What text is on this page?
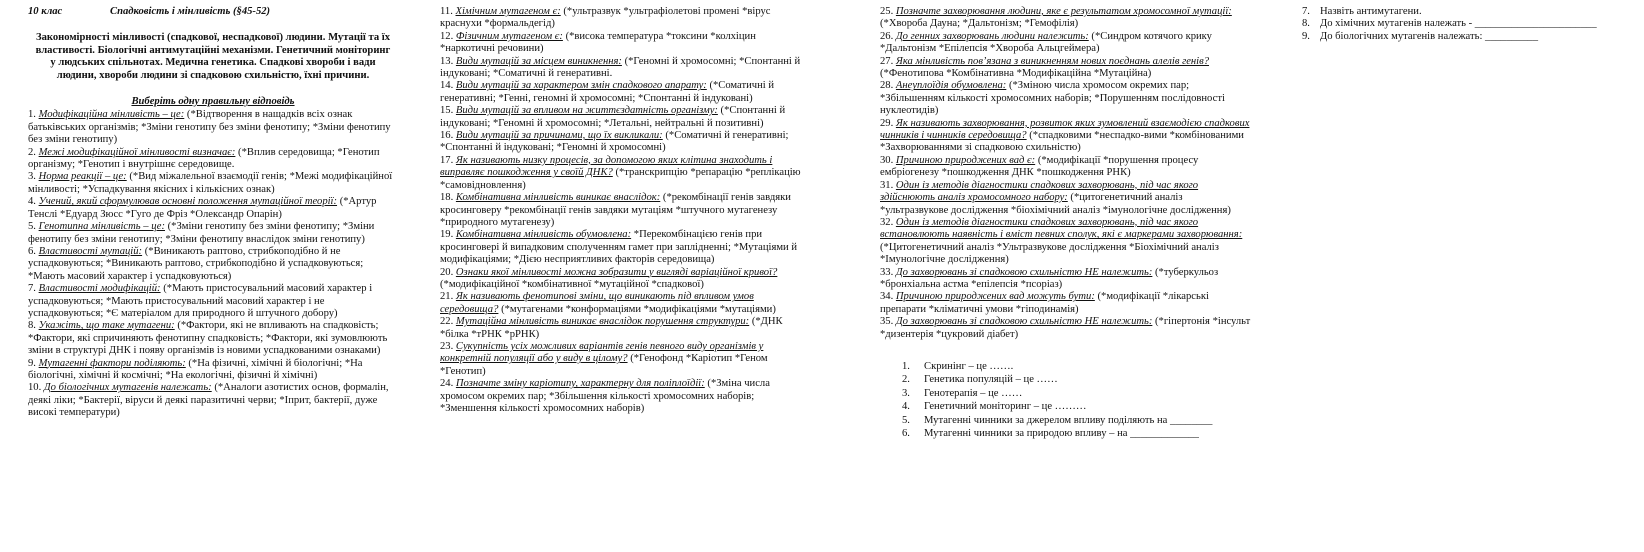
10 клас	Спадковість і мінливість (§45-52)
Закономірності мінливості (спадкової, неспадкової) людини. Мутації та їх властивості. Біологічні антимутаційні механізми. Генетичний моніторинг у людських спільнотах. Медична генетика. Спадкові хвороби і вади людини, хвороби людини зі спадковою схильністю, їхні причини.
Виберіть одну правильну відповідь
1. Модифікаційна мінливість – це: (*Відтворення в нащадків всіх ознак батьківських організмів; *Зміни генотипу без зміни фенотипу; *Зміни фенотипу без зміни генотипу)
2. Межі модифікаційної мінливості визначає: (*Вплив середовища; *Генотип організму; *Генотип і внутрішнє середовище.
3. Норма реакції – це: (*Вид міжалельної взаємодії генів; *Межі модифікаційної мінливості; *Успадкування якісних і кількісних ознак)
4. Учений, який сформулював основні положення мутаційної теорії: (*Артур Тенслі *Едуард Зюсс *Гуго де Фріз *Олександр Опарін)
5. Генотипна мінливість – це: (*Зміни генотипу без зміни фенотипу; *Зміни фенотипу без зміни генотипу; *Зміни фенотипу внаслідок зміни генотипу)
6. Властивості мутацій: (*Виникають раптово, стрибкоподібно й не успадковуються; *Виникають раптово, стрибкоподібно й успадковуються; *Мають масовий характер і успадковуються)
7. Властивості модифікацій: (*Мають пристосувальний масовий характер і успадковуються; *Мають пристосувальний масовий характер і не успадковуються; *Є матеріалом для природного й штучного добору)
8. Укажіть, що таке мутагени: (*Фактори, які не впливають на спадковість; *Фактори, які спричиняють фенотипну спадковість; *Фактори, які зумовлюють зміни в структурі ДНК і появу організмів із новими успадкованими ознаками)
9. Мутагенні фактори поділяють: (*На фізичні, хімічні й біологічні; *На біологічні, хімічні й космічні; *На екологічні, фізичні й хімічні)
10. До біологічних мутагенів належать: (*Аналоги азотистих основ, формалін, деякі ліки; *Бактерії, віруси й деякі паразитичні черви; *Іприт, бактерії, дуже високі температури)
11. Хімічним мутагеном є: (*ультразвук *ультрафіолетові промені *вірус краснухи *формальдегід)
12. Фізичним мутагеном є: (*висока температура *токсини *колхіцин *наркотичні речовини)
13. Види мутацій за місцем виникнення: (*Геномні й хромосомні; *Спонтанні й індуковані; *Соматичні й генеративні.
14. Види мутацій за характером змін спадкового апарату: (*Соматичні й генеративні; *Генні, геномні й хромосомні; *Спонтанні й індуковані)
15. Види мутацій за впливом на життєздатність організму: (*Спонтанні й індуковані; *Геномні й хромосомні; *Летальні, нейтральні й позитивні)
16. Види мутацій за причинами, що їх викликали: (*Соматичні й генеративні; *Спонтанні й індуковані; *Геномні й хромосомні)
17. Як називають низку процесів, за допомогою яких клітина знаходить і виправляє пошкодження у своїй ДНК? (*транскрипцію *репарацію *реплікацію *самовідновлення)
18. Комбінативна мінливість виникає внаслідок: (*рекомбінації генів завдяки кросинговеру *рекомбінації генів завдяки мутаціям *штучного мутагенезу *природного мутагенезу)
19. Комбінативна мінливість обумовлена: *Перекомбінацією генів при кросинговері й випадковим сполученням гамет при заплідненні; *Мутаціями й модифікаціями; *Дією несприятливих факторів середовища)
20. Ознаки якої мінливості можна зобразити у вигляді варіаційної кривої? (*модифікаційної *комбінативної *мутаційної *спадкової)
21. Як називають фенотипові зміни, що виникають під впливом умов середовища? (*мутагенами *конформаціями *модифікаціями *мутаціями)
22. Мутаційна мінливість виникає внаслідок порушення структури: (*ДНК *білка *тРНК *рРНК)
23. Сукупність усіх можливих варіантів генів певного виду організмів у конкретній популяції або у виду в цілому? (*Генофонд *Каріотип *Геном *Генотип)
24. Позначте зміну каріотипу, характерну для поліплоїдії: (*Зміна числа хромосом окремих пар; *Збільшення кількості хромосомних наборів; *Зменшення кількості хромосомних наборів)
25. Позначте захворювання людини, яке є результатом хромосомної мутації: (*Хвороба Дауна; *Дальтонізм; *Гемофілія)
26. До генних захворювань людини належить: (*Синдром котячого крику *Дальтонізм *Епілепсія *Хвороба Альцгеймера)
27. Яка мінливість пов’язана з виникненням нових поєднань алелів генів? (*Фенотипова *Комбінативна *Модифікаційна *Мутаційна)
28. Анеуплоїдія обумовлена: (*Зміною числа хромосом окремих пар; *Збільшенням кількості хромосомних наборів; *Порушенням послідовності нуклеотидів)
29. Як називають захворювання, розвиток яких зумовлений взаємодією спадкових чинників і чинників середовища? (*спадковими *неспадко-вими *комбінованими *Захворюваннями зі спадковою схильністю)
30. Причиною природжених вад є: (*модифікації *порушення процесу ембріогенезу *пошкодження ДНК *пошкодження РНК)
31. Один із методів діагностики спадкових захворювань, під час якого здійснюють аналіз хромосомного набору: (*цитогенетичний аналіз *ультразвукове дослідження *біохімічний аналіз *імунологічне дослідження)
32. Один із методів діагностики спадкових захворювань, під час якого встановлюють наявність і вміст певних сполук, які є маркерами захворювання: (*Цитогенетичний аналіз *Ультразвукове дослідження *Біохімічний аналіз *Імунологічне дослідження)
33. До захворювань зі спадковою схильністю НЕ належить: (*туберкульоз *бронхіальна астма *епілепсія *псоріаз)
34. Причиною природжених вад можуть бути: (*модифікації *лікарські препарати *кліматичні умови *гіподинамія)
35. До захворювань зі спадковою схильністю НЕ належить: (*гіпертонія *інсульт *дизентерія *цукровий діабет)
1.	Скринінг – це …….
2.	Генетика популяцій – це ……
3.	Генотерапія – це ……
4.	Генетичний моніторинг – це ………
5.	Мутагенні чинники за джерелом впливу поділяють на ________
6.	Мутагенні чинники за природою впливу – на _____________
7. Назвіть антимутагени.
8. До хімічних мутагенів належать - _______________________
9. До біологічних мутагенів належать: __________
